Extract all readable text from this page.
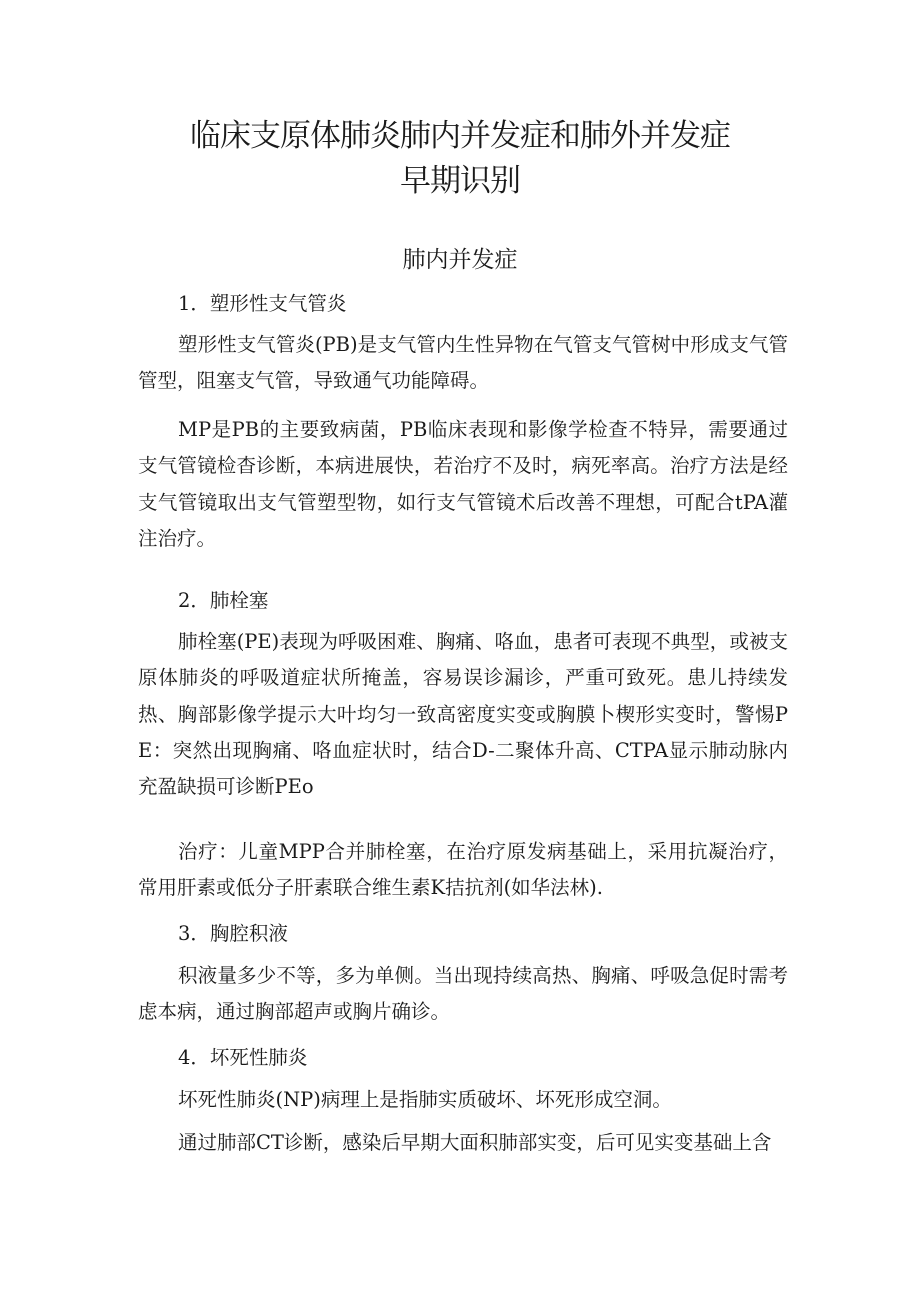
临床支原体肺炎肺内并发症和肺外并发症
早期识别
肺内并发症
1．塑形性支气管炎

塑形性支气管炎(PB)是支气管内生性异物在气管支气管树中形成支气管管型，阻塞支气管，导致通气功能障碍。

MP是PB的主要致病菌，PB临床表现和影像学检查不特异，需要通过支气管镜检杳诊断，本病进展快，若治疗不及时，病死率高。治疗方法是经支气管镜取出支气管塑型物，如行支气管镜术后改善不理想，可配合tPA灌注治疗。

2．肺栓塞

肺栓塞(PE)表现为呼吸困难、胸痛、咯血，患者可表现不典型，或被支原体肺炎的呼吸道症状所掩盖，容易误诊漏诊，严重可致死。患儿持续发热、胸部影像学提示大叶均匀一致高密度实变或胸膜卜楔形实变时，警惕PE：突然出现胸痛、咯血症状时，结合D-二聚体升高、CTPA显示肺动脉内充盈缺损可诊断PEo

治疗：儿童MPP合并肺栓塞，在治疗原发病基础上，采用抗凝治疗，常用肝素或低分子肝素联合维生素K拮抗剂(如华法林).

3．胸腔积液

积液量多少不等，多为单侧。当出现持续高热、胸痛、呼吸急促时需考虑本病，通过胸部超声或胸片确诊。

4．坏死性肺炎

坏死性肺炎(NP)病理上是指肺实质破坏、坏死形成空洞。

通过肺部CT诊断，感染后早期大面积肺部实变，后可见实变基础上含
